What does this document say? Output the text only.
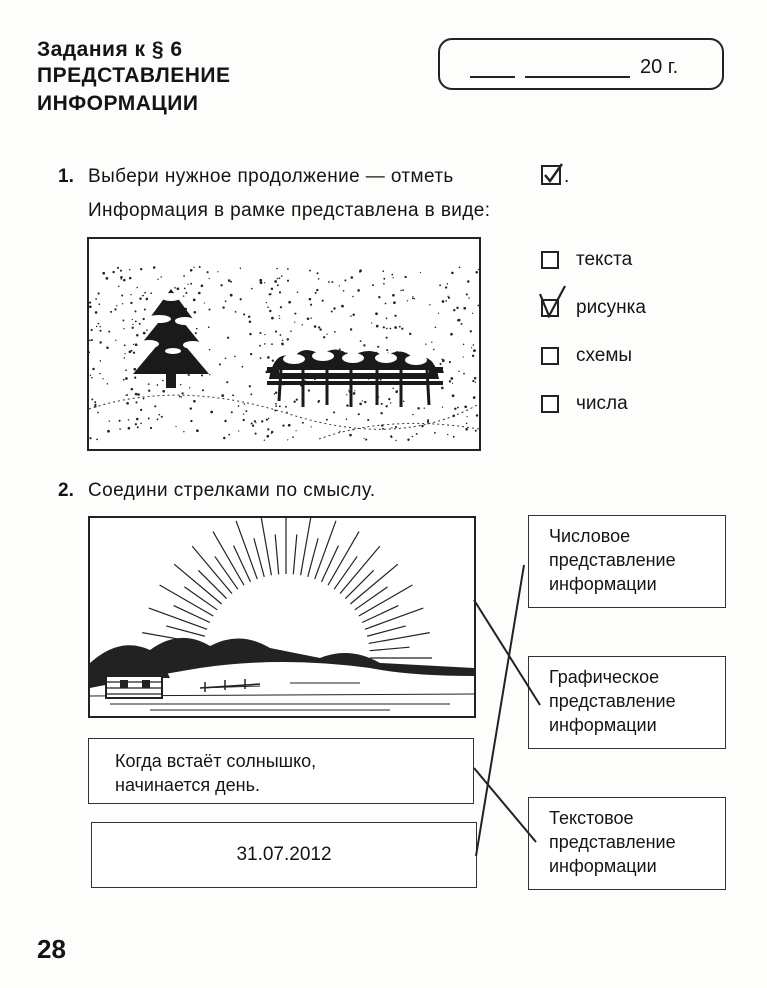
Задания к § 6
ПРЕДСТАВЛЕНИЕ
ИНФОРМАЦИИ
20 г.
1. Выбери нужное продолжение — отметь	.
Информация в рамке представлена в виде:
текста
рисунка
схемы
числа
2. Соедини стрелками по смыслу.
Когда встаёт солнышко,
начинается день.
31.07.2012
Числовое
представление
информации
Графическое
представление
информации
Текстовое
представление
информации
28
